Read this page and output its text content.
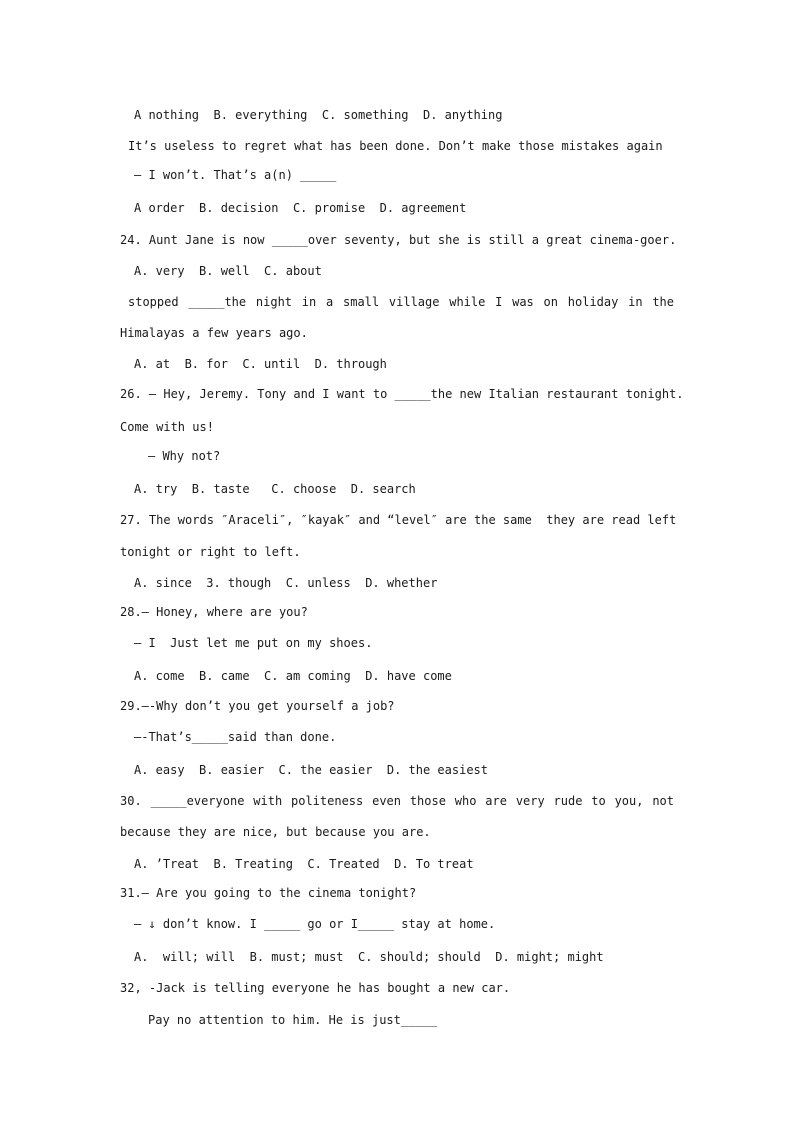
A nothing  B. everything  C. something  D. anything
It’s useless to regret what has been done. Don’t make those mistakes again
— I won’t. That’s a(n) _____
A order  B. decision  C. promise  D. agreement
24. Aunt Jane is now _____over seventy, but she is still a great cinema-goer.
A. very  B. well  C. about
stopped _____the night in a small village while I was on holiday in the
Himalayas a few years ago.
A. at  B. for  C. until  D. through
26. — Hey, Jeremy. Tony and I want to _____the new Italian restaurant tonight.
Come with us!
— Why not?
A. try  B. taste   C. choose  D. search
27. The words ″Araceli″, ″kayak″ and “level″ are the same  they are read left
tonight or right to left.
A. since  3. though  C. unless  D. whether
28.— Honey, where are you?
— I  Just let me put on my shoes.
A. come  B. came  C. am coming  D. have come
29.—-Why don’t you get yourself a job?
—-That’s_____said than done.
A. easy  B. easier  C. the easier  D. the easiest
30. _____everyone with politeness even those who are very rude to you, not
because they are nice, but because you are.
A. ’Treat  B. Treating  C. Treated  D. To treat
31.— Are you going to the cinema tonight?
— ↓ don’t know. I _____ go or I_____ stay at home.
A.  will; will  B. must; must  C. should; should  D. might; might
32, -Jack is telling everyone he has bought a new car.
Pay no attention to him. He is just_____
